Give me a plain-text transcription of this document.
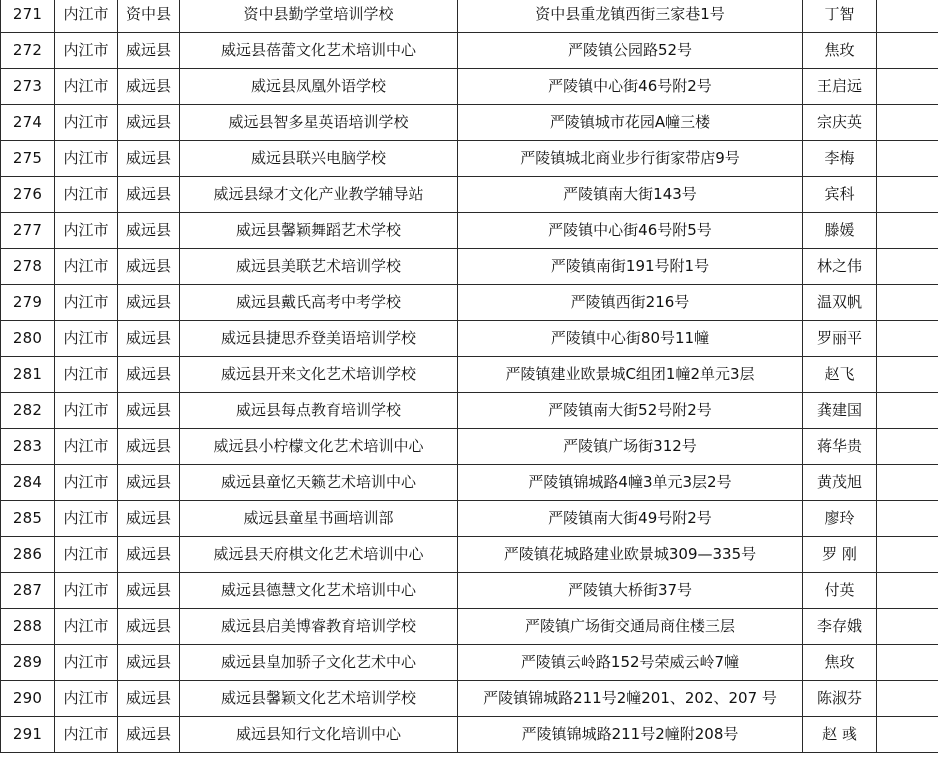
271	内江市	资中县	资中县勤学堂培训学校	资中县重龙镇西街三家巷1号	丁智	
272	内江市	威远县	威远县蓓蕾文化艺术培训中心	严陵镇公园路52号	焦玫	
273	内江市	威远县	威远县凤凰外语学校	严陵镇中心街46号附2号	王启远	
274	内江市	威远县	威远县智多星英语培训学校	严陵镇城市花园A幢三楼	宗庆英	
275	内江市	威远县	威远县联兴电脑学校	严陵镇城北商业步行街家带店9号	李梅	
276	内江市	威远县	威远县绿才文化产业教学辅导站	严陵镇南大街143号	宾科	
277	内江市	威远县	威远县馨颖舞蹈艺术学校	严陵镇中心街46号附5号	滕媛	
278	内江市	威远县	威远县美联艺术培训学校	严陵镇南街191号附1号	林之伟	
279	内江市	威远县	威远县戴氏高考中考学校	严陵镇西街216号	温双帆	
280	内江市	威远县	威远县捷思乔登美语培训学校	严陵镇中心街80号11幢	罗丽平	
281	内江市	威远县	威远县开来文化艺术培训学校	严陵镇建业欧景城C组团1幢2单元3层	赵飞	
282	内江市	威远县	威远县每点教育培训学校	严陵镇南大街52号附2号	龚建国	
283	内江市	威远县	威远县小柠檬文化艺术培训中心	严陵镇广场街312号	蒋华贵	
284	内江市	威远县	威远县童忆天籁艺术培训中心	严陵镇锦城路4幢3单元3层2号	黄茂旭	
285	内江市	威远县	威远县童星书画培训部	严陵镇南大街49号附2号	廖玲	
286	内江市	威远县	威远县天府棋文化艺术培训中心	严陵镇花城路建业欧景城309—335号	罗 刚	
287	内江市	威远县	威远县德慧文化艺术培训中心	严陵镇大桥街37号	付英	
288	内江市	威远县	威远县启美博睿教育培训学校	严陵镇广场街交通局商住楼三层	李存娥	
289	内江市	威远县	威远县皇加骄子文化艺术中心	严陵镇云岭路152号荣威云岭7幢	焦玫	
290	内江市	威远县	威远县馨颖文化艺术培训学校	严陵镇锦城路211号2幢201、202、207 号	陈淑芬	
291	内江市	威远县	威远县知行文化培训中心	严陵镇锦城路211号2幢附208号	赵 彧	
